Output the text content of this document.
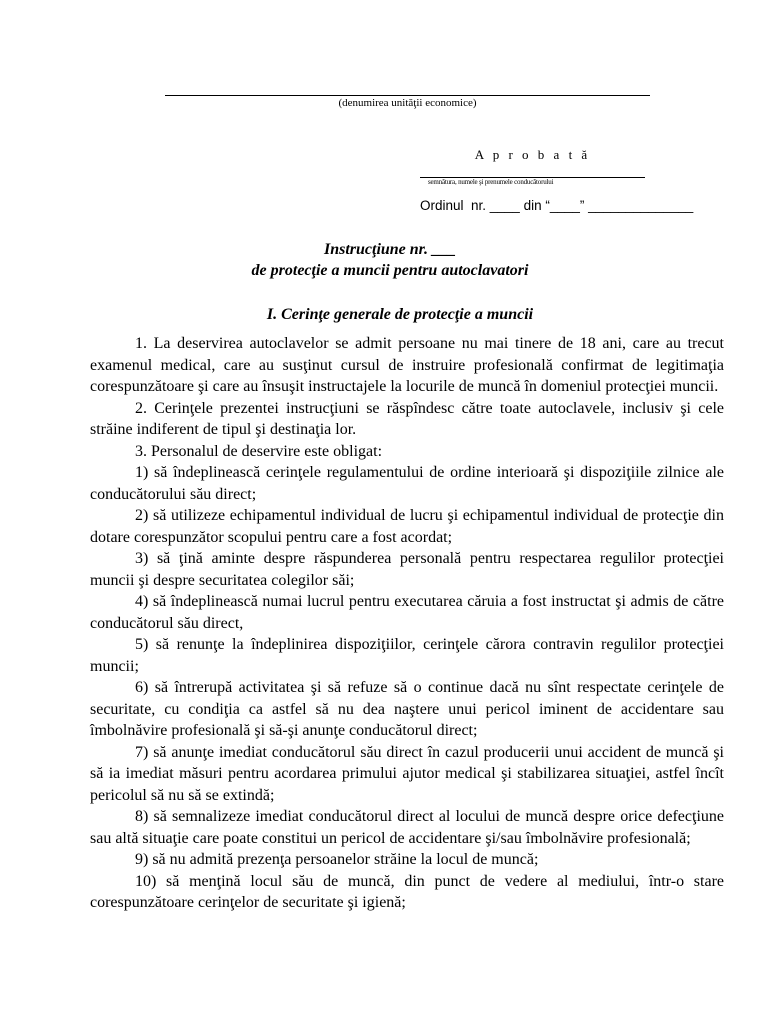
(denumirea unităţii economice)
A p r o b a t ă
semnătura, numele şi prenumele conducătorului
Ordinul  nr. ____ din “____” ______________
Instrucţiune nr. ___
de protecţie a muncii pentru autoclavatori
I. Cerinţe generale de protecţie a muncii

1. La deservirea autoclavelor se admit persoane nu mai tinere de 18 ani, care au trecut examenul medical, care au susţinut cursul de instruire profesională confirmat de legitimaţia corespunzătoare şi care au însuşit instructajele la locurile de muncă în domeniul protecţiei muncii.

2. Cerinţele prezentei instrucţiuni se răspîndesc către toate autoclavele, inclusiv şi cele străine indiferent de tipul şi destinaţia lor.

3. Personalul de deservire este obligat:

1) să îndeplinească cerinţele regulamentului de ordine interioară şi dispoziţiile zilnice ale conducătorului său direct;

2) să utilizeze echipamentul individual de lucru şi echipamentul individual de protecţie din dotare corespunzător scopului pentru care a fost acordat;

3) să ţină aminte despre răspunderea personală pentru respectarea regulilor protecţiei muncii şi despre securitatea colegilor săi;

4) să îndeplinească numai lucrul pentru executarea căruia a fost instructat şi admis de către conducătorul său direct,

5) să renunţe la îndeplinirea dispoziţiilor, cerinţele cărora contravin regulilor protecţiei muncii;

6) să întrerupă activitatea şi să refuze să o continue dacă nu sînt respectate cerinţele de securitate, cu condiţia ca astfel să nu dea naştere unui pericol iminent de accidentare sau îmbolnăvire profesională şi să-şi anunţe conducătorul direct;

7) să anunţe imediat conducătorul său direct în cazul producerii unui accident de muncă şi să ia imediat măsuri pentru acordarea primului ajutor medical şi stabilizarea situaţiei, astfel încît pericolul să nu să se extindă;

8) să semnalizeze imediat conducătorul direct al locului de muncă despre orice defecţiune sau altă situaţie care poate constitui un pericol de accidentare şi/sau îmbolnăvire profesională;

9) să nu admită prezenţa persoanelor străine la locul de muncă;

10) să menţină locul său de muncă, din punct de vedere al mediului, într-o stare corespunzătoare cerinţelor de securitate şi igienă;
